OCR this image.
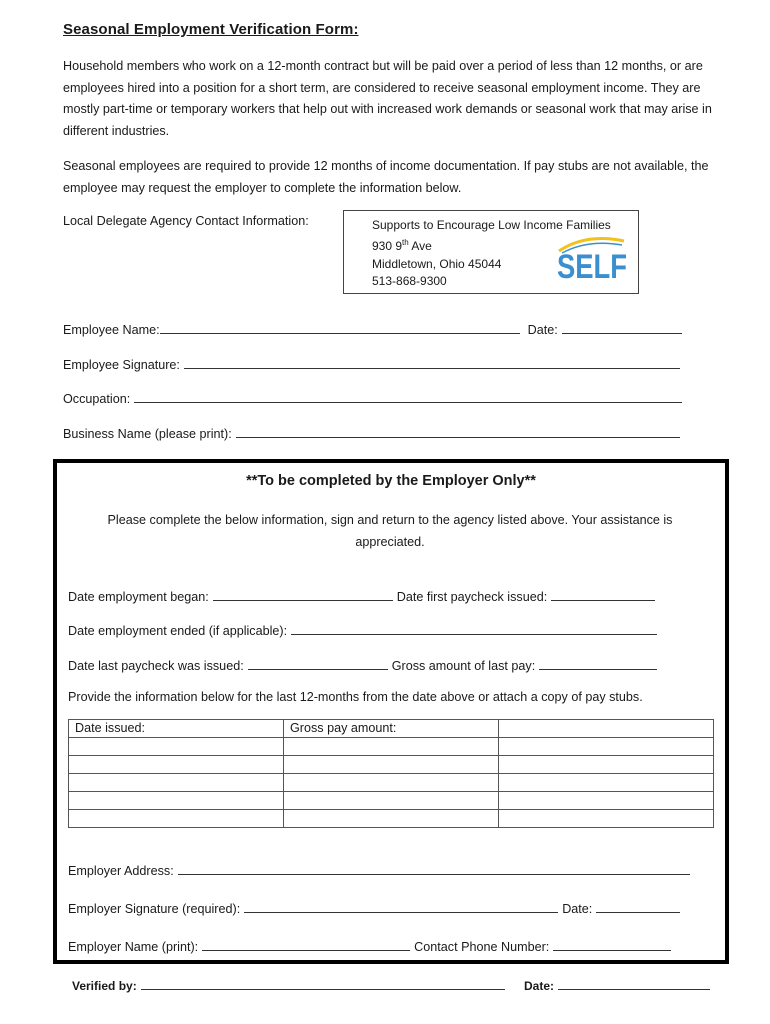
Seasonal Employment Verification Form:
Household members who work on a 12-month contract but will be paid over a period of less than 12 months, or are employees hired into a position for a short term, are considered to receive seasonal employment income. They are mostly part-time or temporary workers that help out with increased work demands or seasonal work that may arise in different industries.
Seasonal employees are required to provide 12 months of income documentation. If pay stubs are not available, the employee may request the employer to complete the information below.
Local Delegate Agency Contact Information:	Supports to Encourage Low Income Families
930 9th Ave
Middletown, Ohio 45044
513-868-9300	SELF
Employee Name:	Date:
Employee Signature:
Occupation:
Business Name (please print):
**To be completed by the Employer Only**
Please complete the below information, sign and return to the agency listed above. Your assistance is appreciated.
Date employment began:	Date first paycheck issued:
Date employment ended (if applicable):
Date last paycheck was issued:	Gross amount of last pay:
Provide the information below for the last 12-months from the date above or attach a copy of pay stubs.
Date issued:	Gross pay amount:	

Employer Address:
Employer Signature (required):	Date:
Employer Name (print):	Contact Phone Number:
Verified by:	Date:
